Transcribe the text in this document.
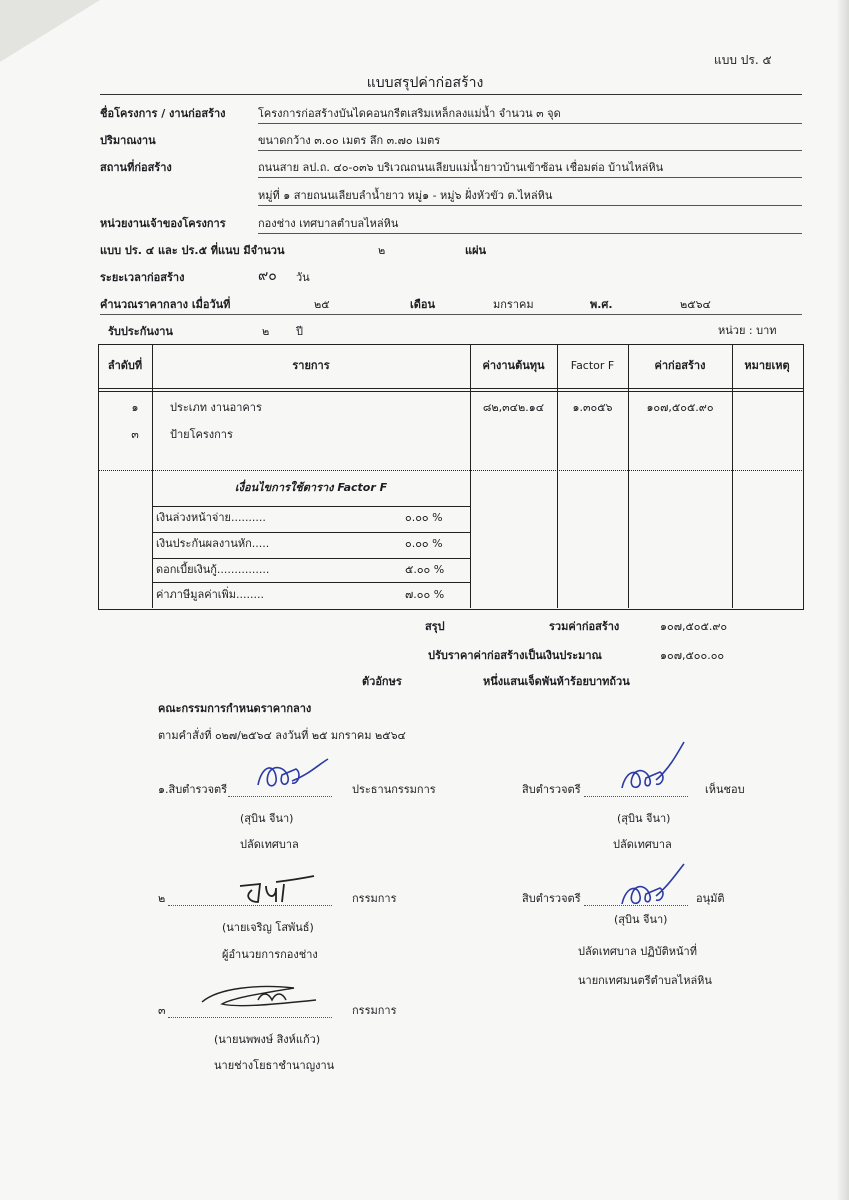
แบบ ปร. ๕
แบบสรุปค่าก่อสร้าง
ชื่อโครงการ / งานก่อสร้าง	โครงการก่อสร้างบันไดคอนกรีตเสริมเหล็กลงแม่น้ำ จำนวน ๓ จุด
ปริมาณงาน	ขนาดกว้าง ๓.๐๐ เมตร ลึก ๓.๗๐ เมตร
สถานที่ก่อสร้าง	ถนนสาย ลป.ถ. ๔๐-๐๓๖ บริเวณถนนเลียบแม่น้ำยาวบ้านเข้าซ้อน เชื่อมต่อ บ้านไหล่หิน
หมู่ที่ ๑ สายถนนเลียบลำน้ำยาว หมู่๑ - หมู่๖ ฝั่งหัวขัว ต.ไหล่หิน
หน่วยงานเจ้าของโครงการ	กองช่าง เทศบาลตำบลไหล่หิน
แบบ ปร. ๔ และ ปร.๕ ที่แนบ มีจำนวน	๒	แผ่น
ระยะเวลาก่อสร้าง	๙๐ วัน
คำนวณราคากลาง เมื่อวันที่	๒๕	เดือน	มกราคม	พ.ศ.	๒๕๖๔
รับประกันงาน	๒ ปี	หน่วย : บาท
ลำดับที่	รายการ	ค่างานต้นทุน	Factor F	ค่าก่อสร้าง	หมายเหตุ
๑	ประเภท งานอาคาร	๘๒,๓๔๒.๑๔	๑.๓๐๕๖	๑๐๗,๕๐๕.๙๐
๓	ป้ายโครงการ
เงื่อนไขการใช้ตาราง Factor F
เงินล่วงหน้าจ่าย..........	๐.๐๐ %
เงินประกันผลงานหัก.....	๐.๐๐ %
ดอกเบี้ยเงินกู้...............	๕.๐๐ %
ค่าภาษีมูลค่าเพิ่ม........	๗.๐๐ %
สรุป	รวมค่าก่อสร้าง	๑๐๗,๕๐๕.๙๐
ปรับราคาค่าก่อสร้างเป็นเงินประมาณ	๑๐๗,๕๐๐.๐๐
ตัวอักษร	หนึ่งแสนเจ็ดพันห้าร้อยบาทถ้วน
คณะกรรมการกำหนดราคากลาง
ตามคำสั่งที่ ๐๒๗/๒๕๖๔ ลงวันที่ ๒๕ มกราคม ๒๕๖๔
๑.สิบตำรวจตรี	ประธานกรรมการ
(สุบิน จีนา)
ปลัดเทศบาล
๒	กรรมการ
(นายเจริญ โสพันธ์)
ผู้อำนวยการกองช่าง
๓	กรรมการ
(นายนพพงษ์ สิงห์แก้ว)
นายช่างโยธาชำนาญงาน
สิบตำรวจตรี	เห็นชอบ
(สุบิน จีนา)
ปลัดเทศบาล
สิบตำรวจตรี	อนุมัติ
(สุบิน จีนา)
ปลัดเทศบาล ปฏิบัติหน้าที่
นายกเทศมนตรีตำบลไหล่หิน
